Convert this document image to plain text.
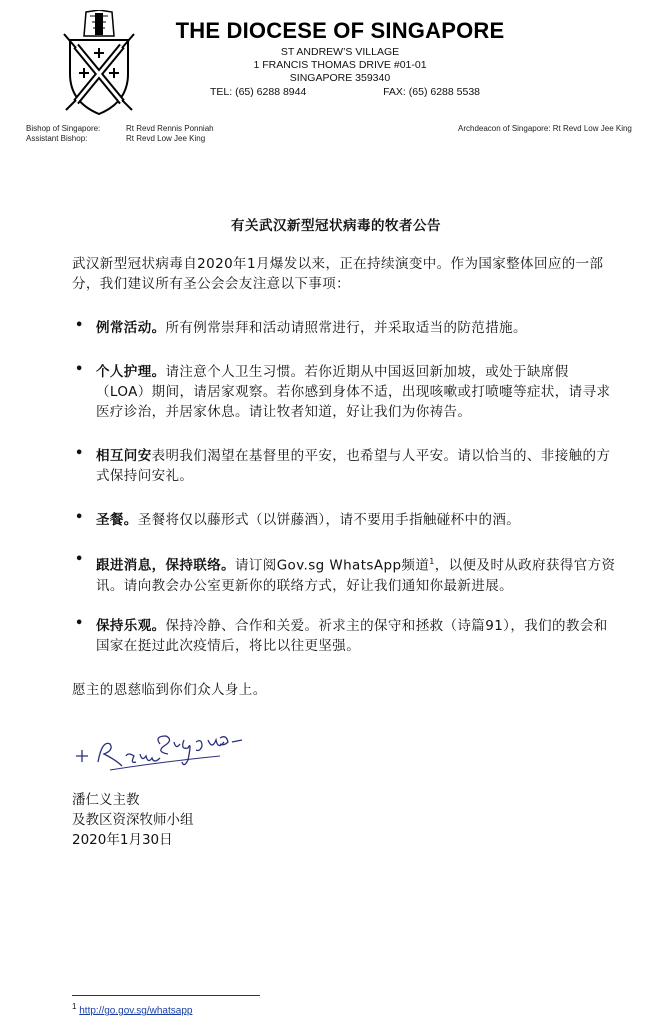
THE DIOCESE OF SINGAPORE
ST ANDREW’S VILLAGE
1 FRANCIS THOMAS DRIVE #01-01
SINGAPORE 359340
TEL: (65) 6288 8944	FAX: (65) 6288 5538
Bishop of Singapore:
Assistant Bishop:
Rt Revd Rennis Ponniah
Rt Revd Low Jee King
Archdeacon of Singapore: Rt Revd Low Jee King
有关武汉新型冠状病毒的牧者公告
武汉新型冠状病毒自2020年1月爆发以来，正在持续演变中。作为国家整体回应的一部分，我们建议所有圣公会会友注意以下事项：
• 例常活动。所有例常崇拜和活动请照常进行，并采取适当的防范措施。
• 个人护理。请注意个人卫生习惯。若你近期从中国返回新加坡，或处于缺席假（LOA）期间，请居家观察。若你感到身体不适，出现咳嗽或打喷嚏等症状，请寻求医疗诊治，并居家休息。请让牧者知道，好让我们为你祷告。
• 相互问安表明我们渴望在基督里的平安，也希望与人平安。请以恰当的、非接触的方式保持问安礼。
• 圣餐。圣餐将仅以藤形式（以饼藤酒），请不要用手指触碰杯中的酒。
• 跟进消息，保持联络。请订阅Gov.sg WhatsApp频道$^1$，以便及时从政府获得官方资讯。请向教会办公室更新你的联络方式，好让我们通知你最新进展。
• 保持乐观。保持冷静、合作和关爱。祈求主的保守和拯救（诗篇91），我们的教会和国家在挺过此次疫情后，将比以往更坚强。
愿主的恩慈临到你们众人身上。
潘仁义主教
及教区资深牧师小组
2020年1月30日
$^1$ http://go.gov.sg/whatsapp
